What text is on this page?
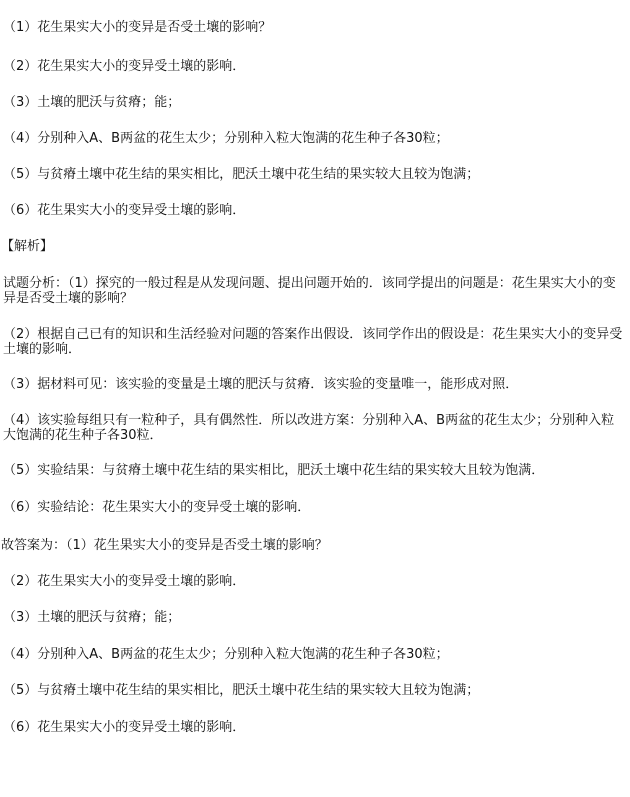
（1）花生果实大小的变异是否受土壤的影响？
（2）花生果实大小的变异受土壤的影响．
（3）土壤的肥沃与贫瘠；能；
（4）分别种入A、B两盆的花生太少；分别种入粒大饱满的花生种子各30粒；
（5）与贫瘠土壤中花生结的果实相比，肥沃土壤中花生结的果实较大且较为饱满；
（6）花生果实大小的变异受土壤的影响．
【解析】
试题分析：（1）探究的一般过程是从发现问题、提出问题开始的．该同学提出的问题是：花生果实大小的变异是否受土壤的影响？
（2）根据自己已有的知识和生活经验对问题的答案作出假设．该同学作出的假设是：花生果实大小的变异受土壤的影响．
（3）据材料可见：该实验的变量是土壤的肥沃与贫瘠．该实验的变量唯一，能形成对照．
（4）该实验每组只有一粒种子，具有偶然性．所以改进方案：分别种入A、B两盆的花生太少；分别种入粒大饱满的花生种子各30粒．
（5）实验结果：与贫瘠土壤中花生结的果实相比，肥沃土壤中花生结的果实较大且较为饱满．
（6）实验结论：花生果实大小的变异受土壤的影响．
故答案为：（1）花生果实大小的变异是否受土壤的影响？
（2）花生果实大小的变异受土壤的影响．
（3）土壤的肥沃与贫瘠；能；
（4）分别种入A、B两盆的花生太少；分别种入粒大饱满的花生种子各30粒；
（5）与贫瘠土壤中花生结的果实相比，肥沃土壤中花生结的果实较大且较为饱满；
（6）花生果实大小的变异受土壤的影响．
